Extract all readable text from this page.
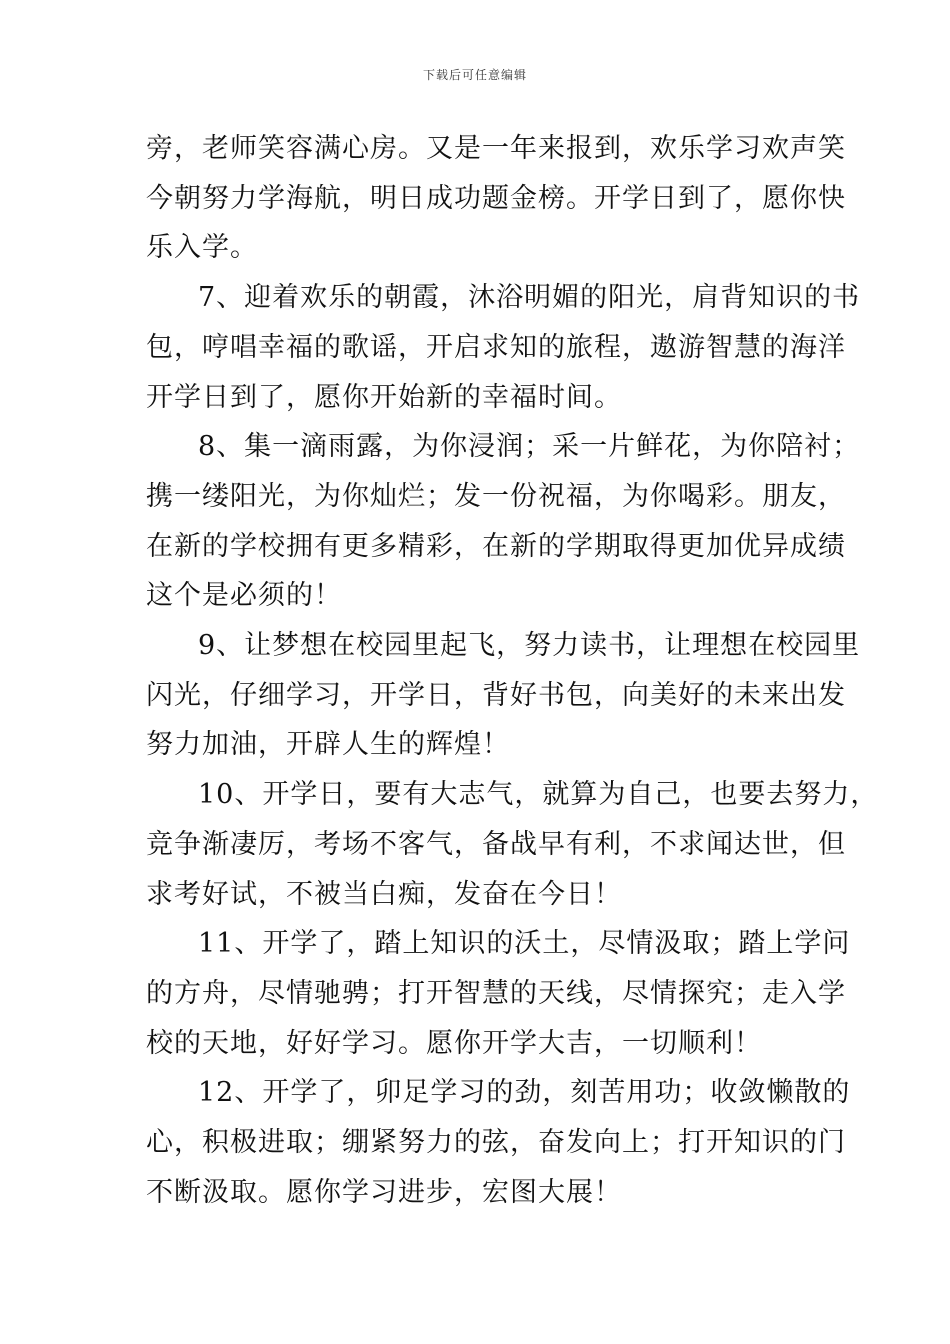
下载后可任意编辑

旁，老师笑容满心房。又是一年来报到，欢乐学习欢声笑
今朝努力学海航，明日成功题金榜。开学日到了，愿你快
乐入学。

7、迎着欢乐的朝霞，沐浴明媚的阳光，肩背知识的书
包，哼唱幸福的歌谣，开启求知的旅程，遨游智慧的海洋
开学日到了，愿你开始新的幸福时间。

8、集一滴雨露，为你浸润；采一片鲜花，为你陪衬；
携一缕阳光，为你灿烂；发一份祝福，为你喝彩。朋友，
在新的学校拥有更多精彩，在新的学期取得更加优异成绩
这个是必须的！

9、让梦想在校园里起飞，努力读书，让理想在校园里
闪光，仔细学习，开学日，背好书包，向美好的未来出发
努力加油，开辟人生的辉煌！

10、开学日，要有大志气，就算为自己，也要去努力，
竞争渐凄厉，考场不客气，备战早有利，不求闻达世，但
求考好试，不被当白痴，发奋在今日！

11、开学了，踏上知识的沃土，尽情汲取；踏上学问
的方舟，尽情驰骋；打开智慧的天线，尽情探究；走入学
校的天地，好好学习。愿你开学大吉，一切顺利！

12、开学了，卯足学习的劲，刻苦用功；收敛懒散的
心，积极进取；绷紧努力的弦，奋发向上；打开知识的门
不断汲取。愿你学习进步，宏图大展！
